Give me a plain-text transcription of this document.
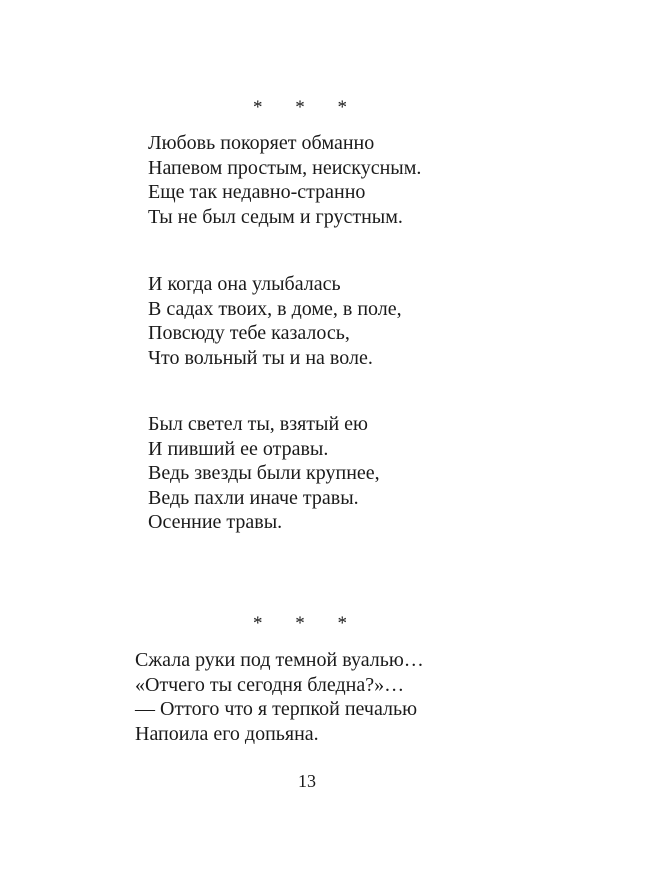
* * *
Любовь покоряет обманно
Напевом простым, неискусным.
Еще так недавно-странно
Ты не был седым и грустным.
И когда она улыбалась
В садах твоих, в доме, в поле,
Повсюду тебе казалось,
Что вольный ты и на воле.
Был светел ты, взятый ею
И пивший ее отравы.
Ведь звезды были крупнее,
Ведь пахли иначе травы.
Осенние травы.
* * *
Сжала руки под темной вуалью…
«Отчего ты сегодня бледна?»…
— Оттого что я терпкой печалью
Напоила его допьяна.
13
